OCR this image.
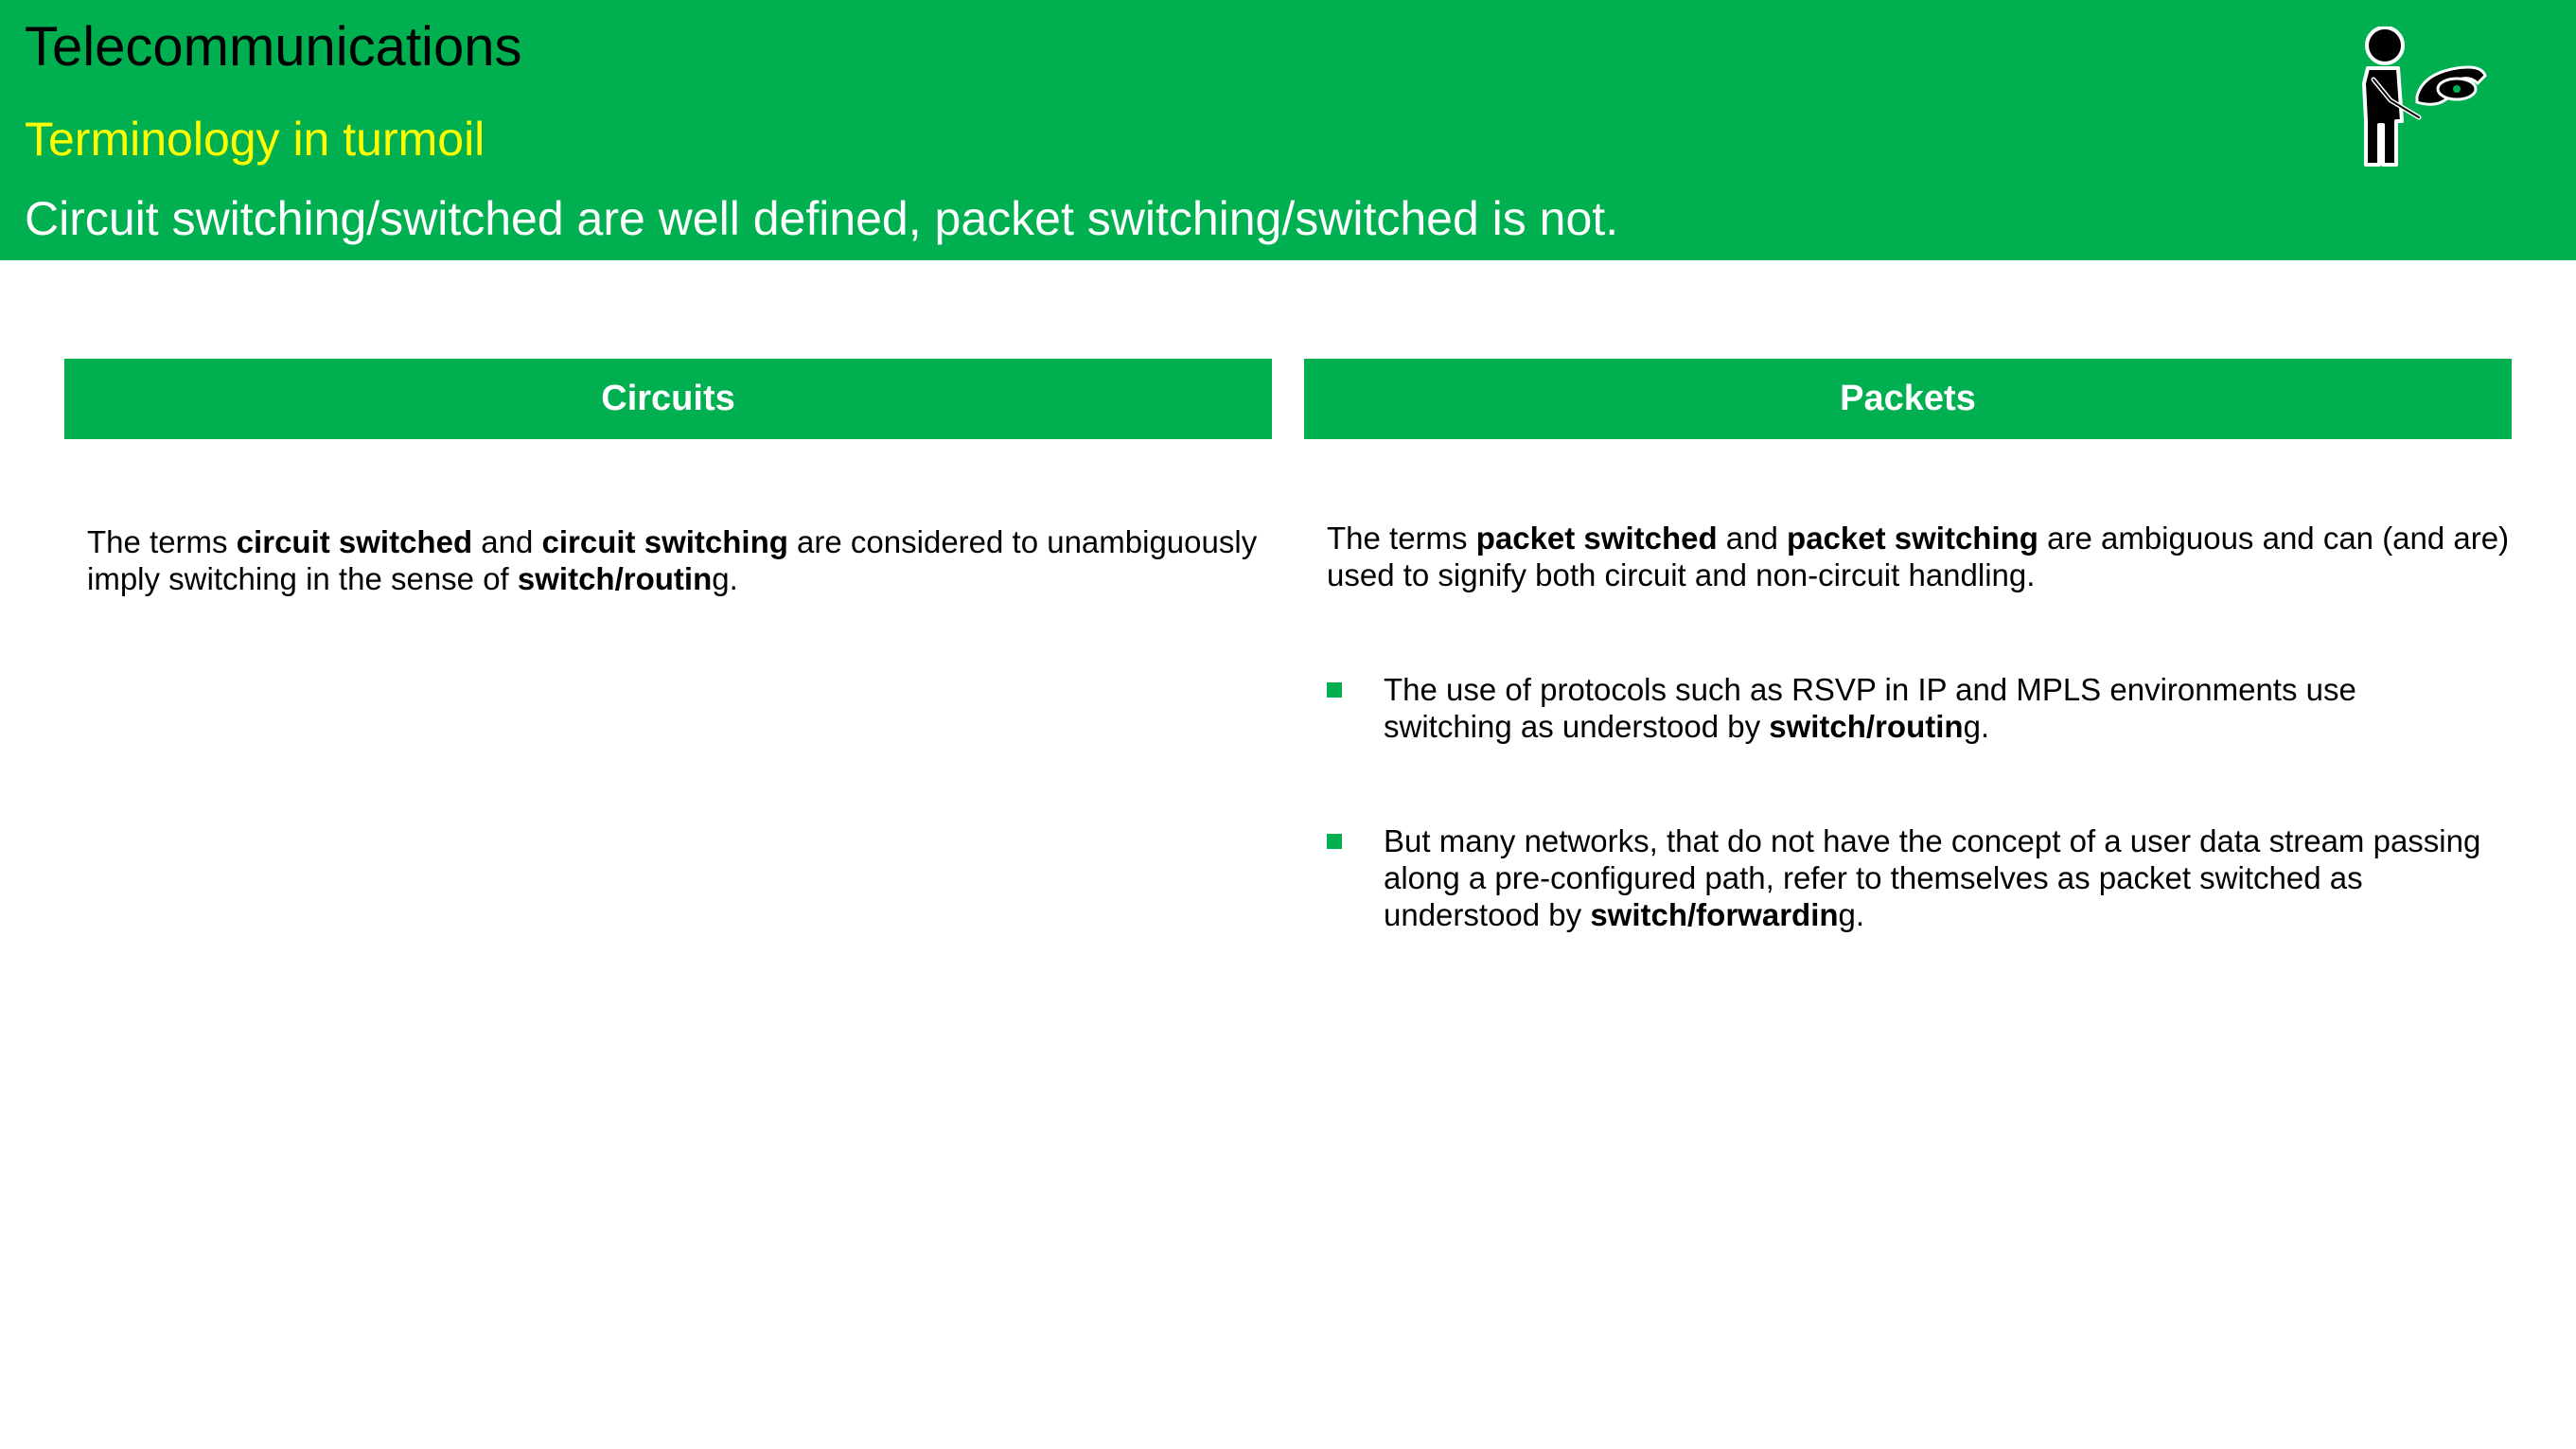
Telecommunications
Terminology in turmoil
Circuit switching/switched are well defined, packet switching/switched is not.
Circuits	Packets
The terms circuit switched and circuit switching are considered to unambiguously imply switching in the sense of switch/routing.
The terms packet switched and packet switching are ambiguous and can (and are) used to signify both circuit and non-circuit handling.
The use of protocols such as RSVP in IP and MPLS environments use switching as understood by switch/routing.
But many networks, that do not have the concept of a user data stream passing along a pre-configured path, refer to themselves as packet switched as understood by switch/forwarding.
